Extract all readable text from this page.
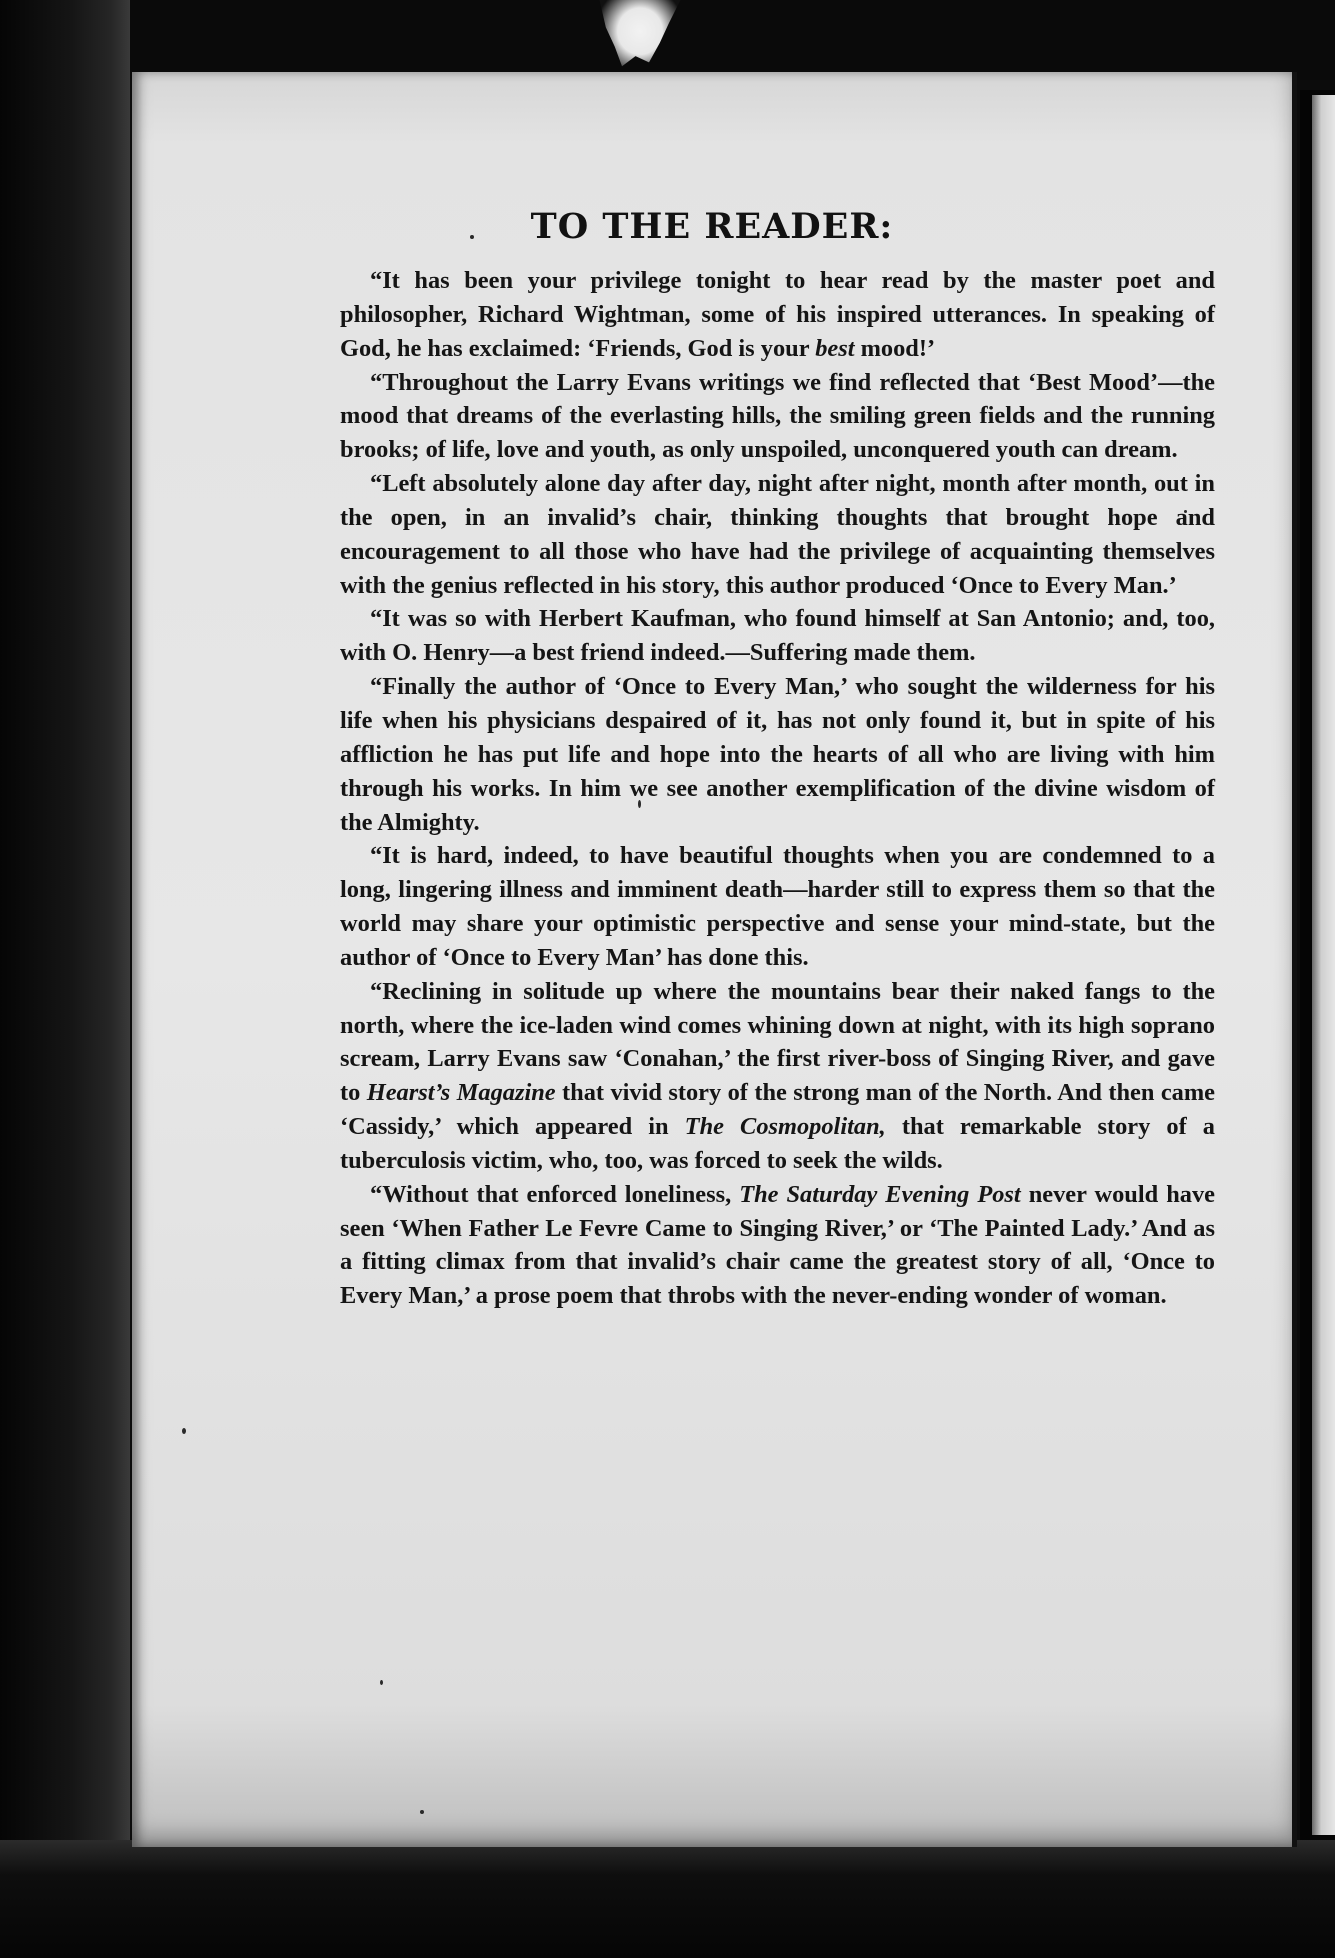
TO THE READER:

“It has been your privilege tonight to hear read by the master poet and philosopher, Richard Wightman, some of his inspired utterances. In speaking of God, he has exclaimed: ‘Friends, God is your best mood!’

“Throughout the Larry Evans writings we find reflected that ‘Best Mood’—the mood that dreams of the everlasting hills, the smiling green fields and the running brooks; of life, love and youth, as only unspoiled, unconquered youth can dream.

“Left absolutely alone day after day, night after night, month after month, out in the open, in an invalid’s chair, thinking thoughts that brought hope and encouragement to all those who have had the privilege of acquainting themselves with the genius reflected in his story, this author produced ‘Once to Every Man.’

“It was so with Herbert Kaufman, who found himself at San Antonio; and, too, with O. Henry—a best friend indeed.—Suffering made them.

“Finally the author of ‘Once to Every Man,’ who sought the wilderness for his life when his physicians despaired of it, has not only found it, but in spite of his affliction he has put life and hope into the hearts of all who are living with him through his works. In him we see another exemplification of the divine wisdom of the Almighty.

“It is hard, indeed, to have beautiful thoughts when you are condemned to a long, lingering illness and imminent death—harder still to express them so that the world may share your optimistic perspective and sense your mind-state, but the author of ‘Once to Every Man’ has done this.

“Reclining in solitude up where the mountains bear their naked fangs to the north, where the ice-laden wind comes whining down at night, with its high soprano scream, Larry Evans saw ‘Conahan,’ the first river-boss of Singing River, and gave to Hearst’s Magazine that vivid story of the strong man of the North. And then came ‘Cassidy,’ which appeared in The Cosmopolitan, that remarkable story of a tuberculosis victim, who, too, was forced to seek the wilds.

“Without that enforced loneliness, The Saturday Evening Post never would have seen ‘When Father Le Fevre Came to Singing River,’ or ‘The Painted Lady.’ And as a fitting climax from that invalid’s chair came the greatest story of all, ‘Once to Every Man,’ a prose poem that throbs with the never-ending wonder of woman.
